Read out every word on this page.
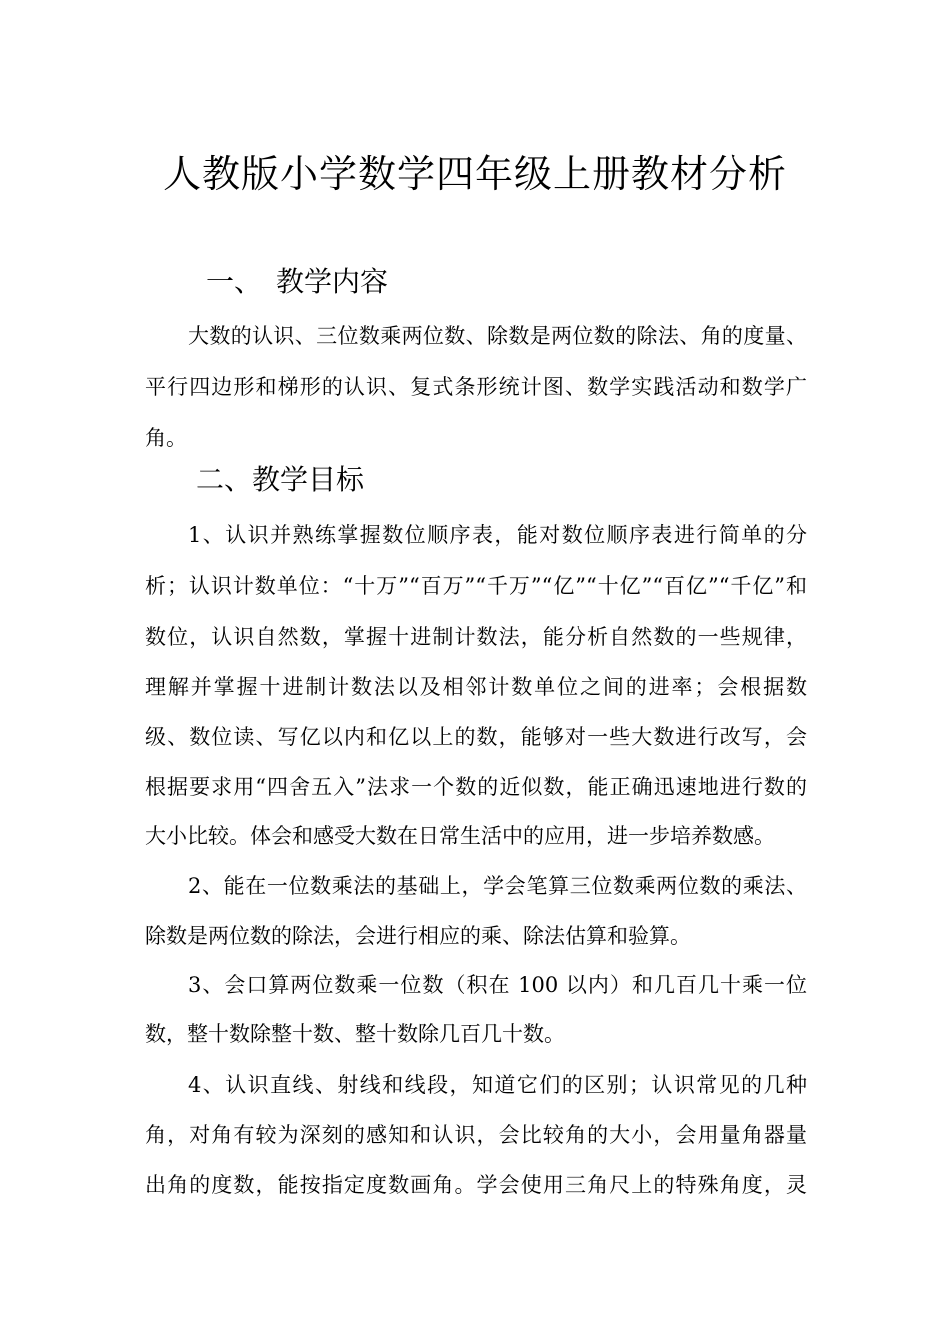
人教版小学数学四年级上册教材分析
一、 教学内容

大数的认识、三位数乘两位数、除数是两位数的除法、角的度量、

平行四边形和梯形的认识、复式条形统计图、数学实践活动和数学广

角。

二、教学目标

1、认识并熟练掌握数位顺序表，能对数位顺序表进行简单的分

析；认识计数单位：“十万”“百万”“千万”“亿”“十亿”“百亿”“千亿”和

数位，认识自然数，掌握十进制计数法，能分析自然数的一些规律，

理解并掌握十进制计数法以及相邻计数单位之间的进率；会根据数

级、数位读、写亿以内和亿以上的数，能够对一些大数进行改写，会

根据要求用“四舍五入”法求一个数的近似数，能正确迅速地进行数的

大小比较。体会和感受大数在日常生活中的应用，进一步培养数感。

2、能在一位数乘法的基础上，学会笔算三位数乘两位数的乘法、

除数是两位数的除法，会进行相应的乘、除法估算和验算。

3、会口算两位数乘一位数（积在 100 以内）和几百几十乘一位

数，整十数除整十数、整十数除几百几十数。

4、认识直线、射线和线段，知道它们的区别；认识常见的几种

角，对角有较为深刻的感知和认识，会比较角的大小，会用量角器量

出角的度数，能按指定度数画角。学会使用三角尺上的特殊角度，灵
